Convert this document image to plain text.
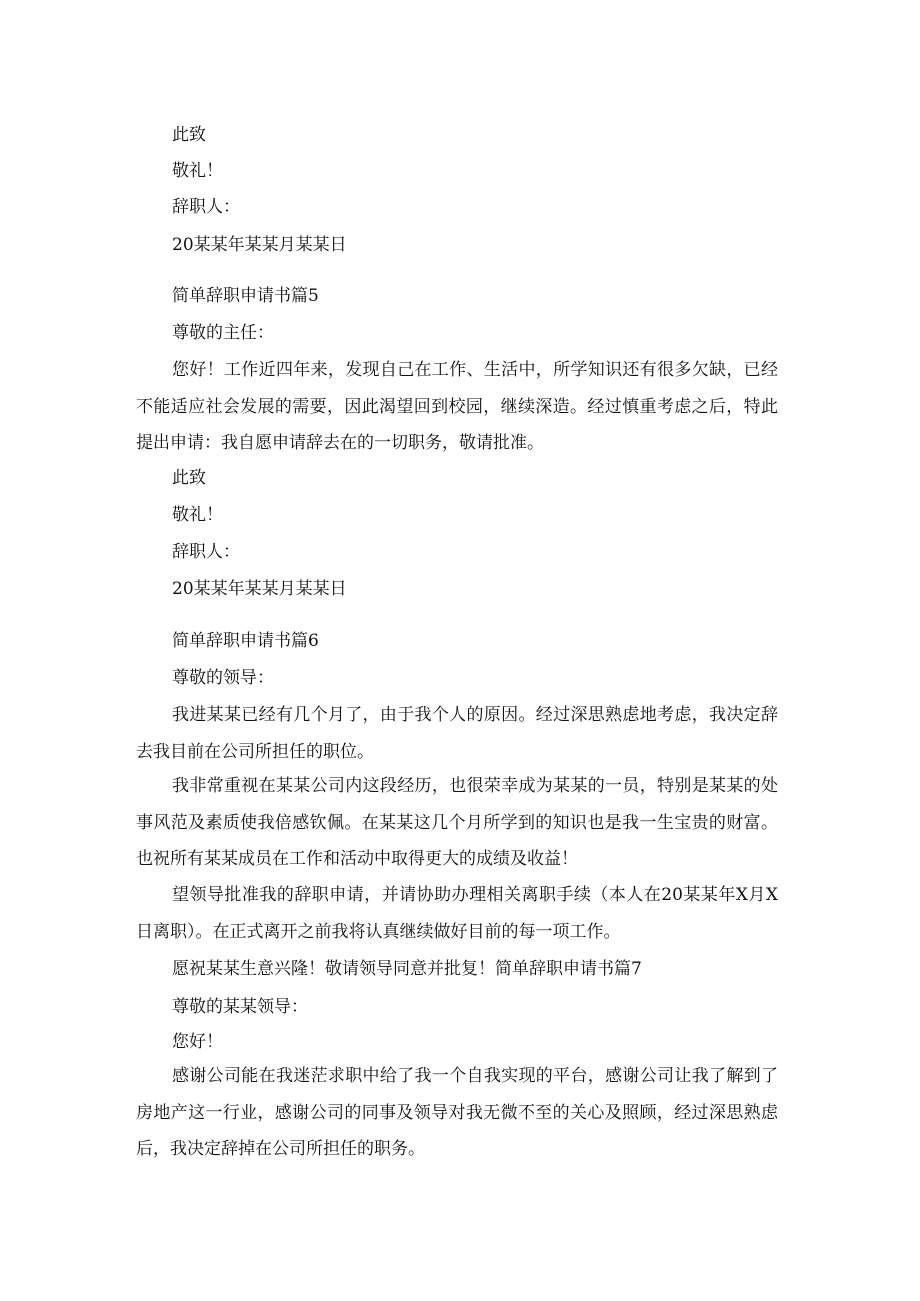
此致

敬礼！

辞职人：

20某某年某某月某某日

简单辞职申请书篇5

尊敬的主任：

您好！工作近四年来，发现自己在工作、生活中，所学知识还有很多欠缺，已经不能适应社会发展的需要，因此渴望回到校园，继续深造。经过慎重考虑之后，特此提出申请：我自愿申请辞去在的一切职务，敬请批准。

此致

敬礼！

辞职人：

20某某年某某月某某日

简单辞职申请书篇6

尊敬的领导：

我进某某已经有几个月了，由于我个人的原因。经过深思熟虑地考虑，我决定辞去我目前在公司所担任的职位。

我非常重视在某某公司内这段经历，也很荣幸成为某某的一员，特别是某某的处事风范及素质使我倍感钦佩。在某某这几个月所学到的知识也是我一生宝贵的财富。也祝所有某某成员在工作和活动中取得更大的成绩及收益！

望领导批准我的辞职申请，并请协助办理相关离职手续（本人在20某某年X月X日离职）。在正式离开之前我将认真继续做好目前的每一项工作。

愿祝某某生意兴隆！敬请领导同意并批复！简单辞职申请书篇7

尊敬的某某领导：

您好！

感谢公司能在我迷茫求职中给了我一个自我实现的平台，感谢公司让我了解到了房地产这一行业，感谢公司的同事及领导对我无微不至的关心及照顾，经过深思熟虑后，我决定辞掉在公司所担任的职务。
